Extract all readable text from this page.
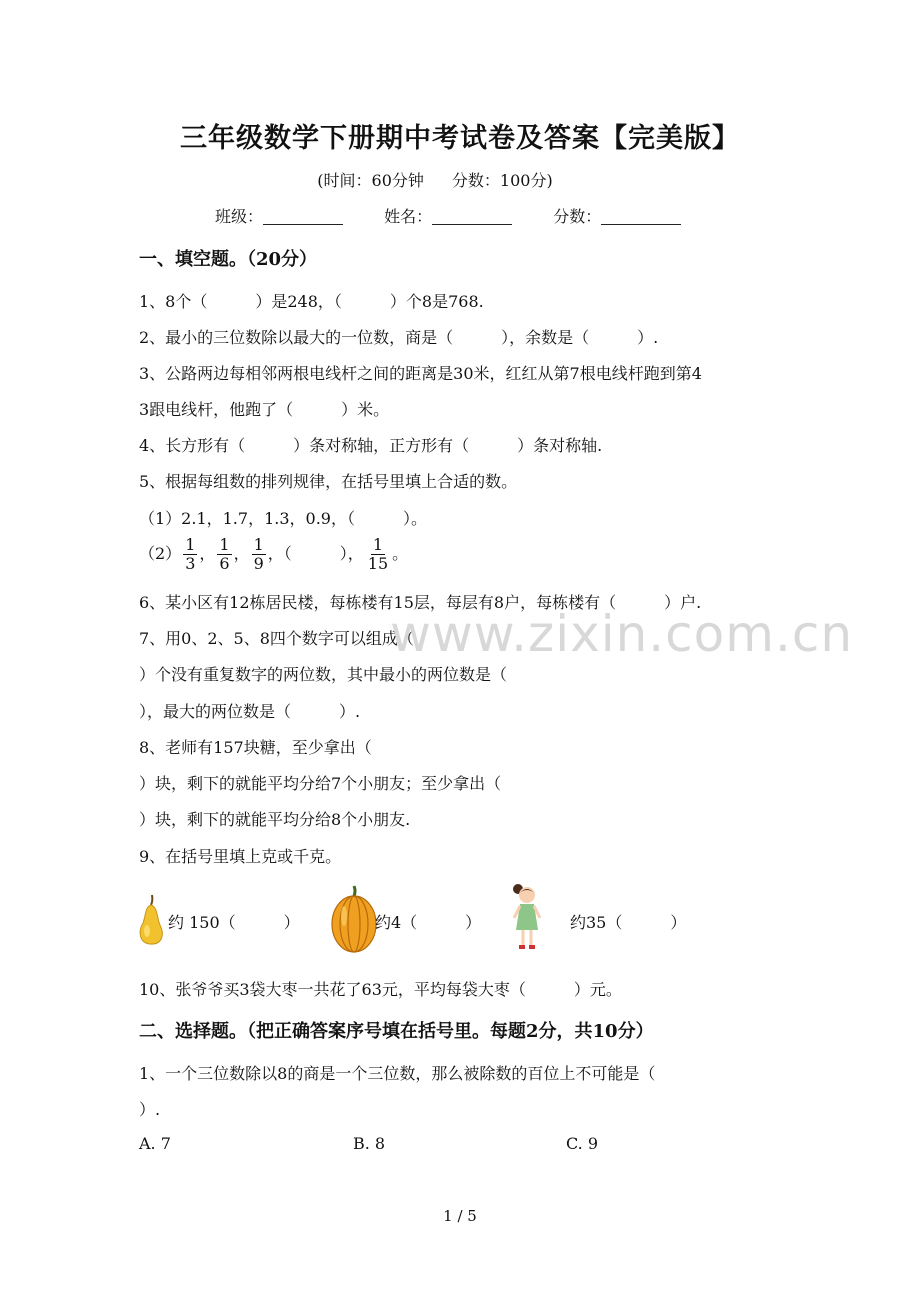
三年级数学下册期中考试卷及答案【完美版】
(时间：60分钟 分数：100分)
班级：	姓名：	分数：
一、填空题。（20分）
1、8个（　　　）是248，（　　　）个8是768.
2、最小的三位数除以最大的一位数，商是（　　　），余数是（　　　）.
3、公路两边每相邻两根电线杆之间的距离是30米，红红从第7根电线杆跑到第4
3跟电线杆，他跑了（　　　）米。
4、长方形有（　　　）条对称轴，正方形有（　　　）条对称轴.
5、根据每组数的排列规律，在括号里填上合适的数。
（1）2.1，1.7，1.3，0.9，（　　　）。
$(2) \frac{1}{3}$ ， $\frac{1}{6}$ ， $\frac{1}{9}$ ，（　　　）， $\frac{1}{15}$ 。
6、某小区有12栋居民楼，每栋楼有15层，每层有8户，每栋楼有（　　　）户.
7、用0、2、5、8四个数字可以组成（
）个没有重复数字的两位数，其中最小的两位数是（
），最大的两位数是（　　　）.
8、老师有157块糖，至少拿出（
）块，剩下的就能平均分给7个小朋友；至少拿出（
）块，剩下的就能平均分给8个小朋友.
9、在括号里填上克或千克。
约 150（　　　）	约4（　　　）	约35（　　　）
10、张爷爷买3袋大枣一共花了63元，平均每袋大枣（　　　）元。
二、选择题。（把正确答案序号填在括号里。每题2分，共10分）
1、一个三位数除以8的商是一个三位数，那么被除数的百位上不可能是（
）.
A. 7	B. 8	C. 9
www.zixin.com.cn
1 / 5
